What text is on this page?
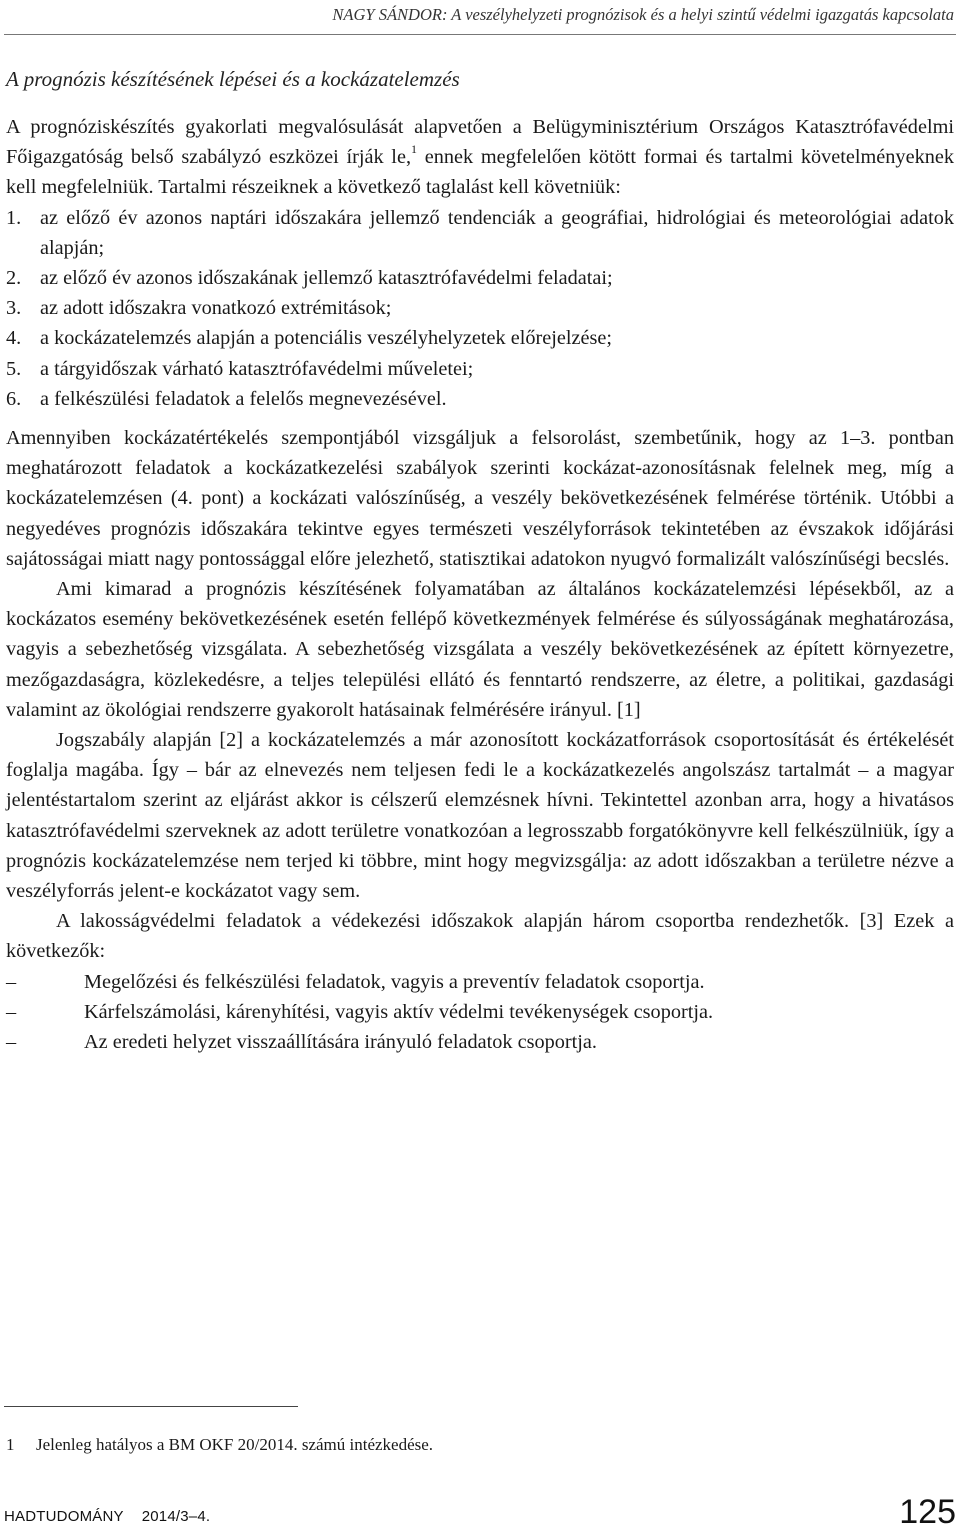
NAGY SÁNDOR: A veszélyhelyzeti prognózisok és a helyi szintű védelmi igazgatás kapcsolata
A prognózis készítésének lépései és a kockázatelemzés

A prognóziskészítés gyakorlati megvalósulását alapvetően a Belügyminisztérium Országos Katasztrófavédelmi Főigazgatóság belső szabályzó eszközei írják le,$^1$ ennek megfelelően kötött formai és tartalmi követelményeknek kell megfelelniük. Tartalmi részeiknek a következő taglalást kell követniük:

1. az előző év azonos naptári időszakára jellemző tendenciák a geográfiai, hidrológiai és meteorológiai adatok alapján;
2. az előző év azonos időszakának jellemző katasztrófavédelmi feladatai;
3. az adott időszakra vonatkozó extrémitások;
4. a kockázatelemzés alapján a potenciális veszélyhelyzetek előrejelzése;
5. a tárgyidőszak várható katasztrófavédelmi műveletei;
6. a felkészülési feladatok a felelős megnevezésével.

Amennyiben kockázatértékelés szempontjából vizsgáljuk a felsorolást, szembetűnik, hogy az 1–3. pontban meghatározott feladatok a kockázatkezelési szabályok szerinti kockázat-azonosításnak felelnek meg, míg a kockázatelemzésen (4. pont) a kockázati valószínűség, a veszély bekövetkezésének felmérése történik. Utóbbi a negyedéves prognózis időszakára tekintve egyes természeti veszélyforrások tekintetében az évszakok időjárási sajátosságai miatt nagy pontossággal előre jelezhető, statisztikai adatokon nyugvó formalizált valószínűségi becslés.

Ami kimarad a prognózis készítésének folyamatában az általános kockázatelemzési lépésekből, az a kockázatos esemény bekövetkezésének esetén fellépő következmények felmérése és súlyosságának meghatározása, vagyis a sebezhetőség vizsgálata. A sebezhetőség vizsgálata a veszély bekövetkezésének az épített környezetre, mezőgazdaságra, közlekedésre, a teljes települési ellátó és fenntartó rendszerre, az életre, a politikai, gazdasági valamint az ökológiai rendszerre gyakorolt hatásainak felmérésére irányul. [1]

Jogszabály alapján [2] a kockázatelemzés a már azonosított kockázatforrások csoportosítását és értékelését foglalja magába. Így – bár az elnevezés nem teljesen fedi le a kockázatkezelés angolszász tartalmát – a magyar jelentéstartalom szerint az eljárást akkor is célszerű elemzésnek hívni. Tekintettel azonban arra, hogy a hivatásos katasztrófavédelmi szerveknek az adott területre vonatkozóan a legrosszabb forgatókönyvre kell felkészülniük, így a prognózis kockázatelemzése nem terjed ki többre, mint hogy megvizsgálja: az adott időszakban a területre nézve a veszélyforrás jelent-e kockázatot vagy sem.

A lakosságvédelmi feladatok a védekezési időszakok alapján három csoportba rendezhetők. [3] Ezek a következők:

–	Megelőzési és felkészülési feladatok, vagyis a preventív feladatok csoportja.
–	Kárfelszámolási, kárenyhítési, vagyis aktív védelmi tevékenységek csoportja.
–	Az eredeti helyzet visszaállítására irányuló feladatok csoportja.
1 Jelenleg hatályos a BM OKF 20/2014. számú intézkedése.
HADTUDOMÁNY 2014/3–4.	125
